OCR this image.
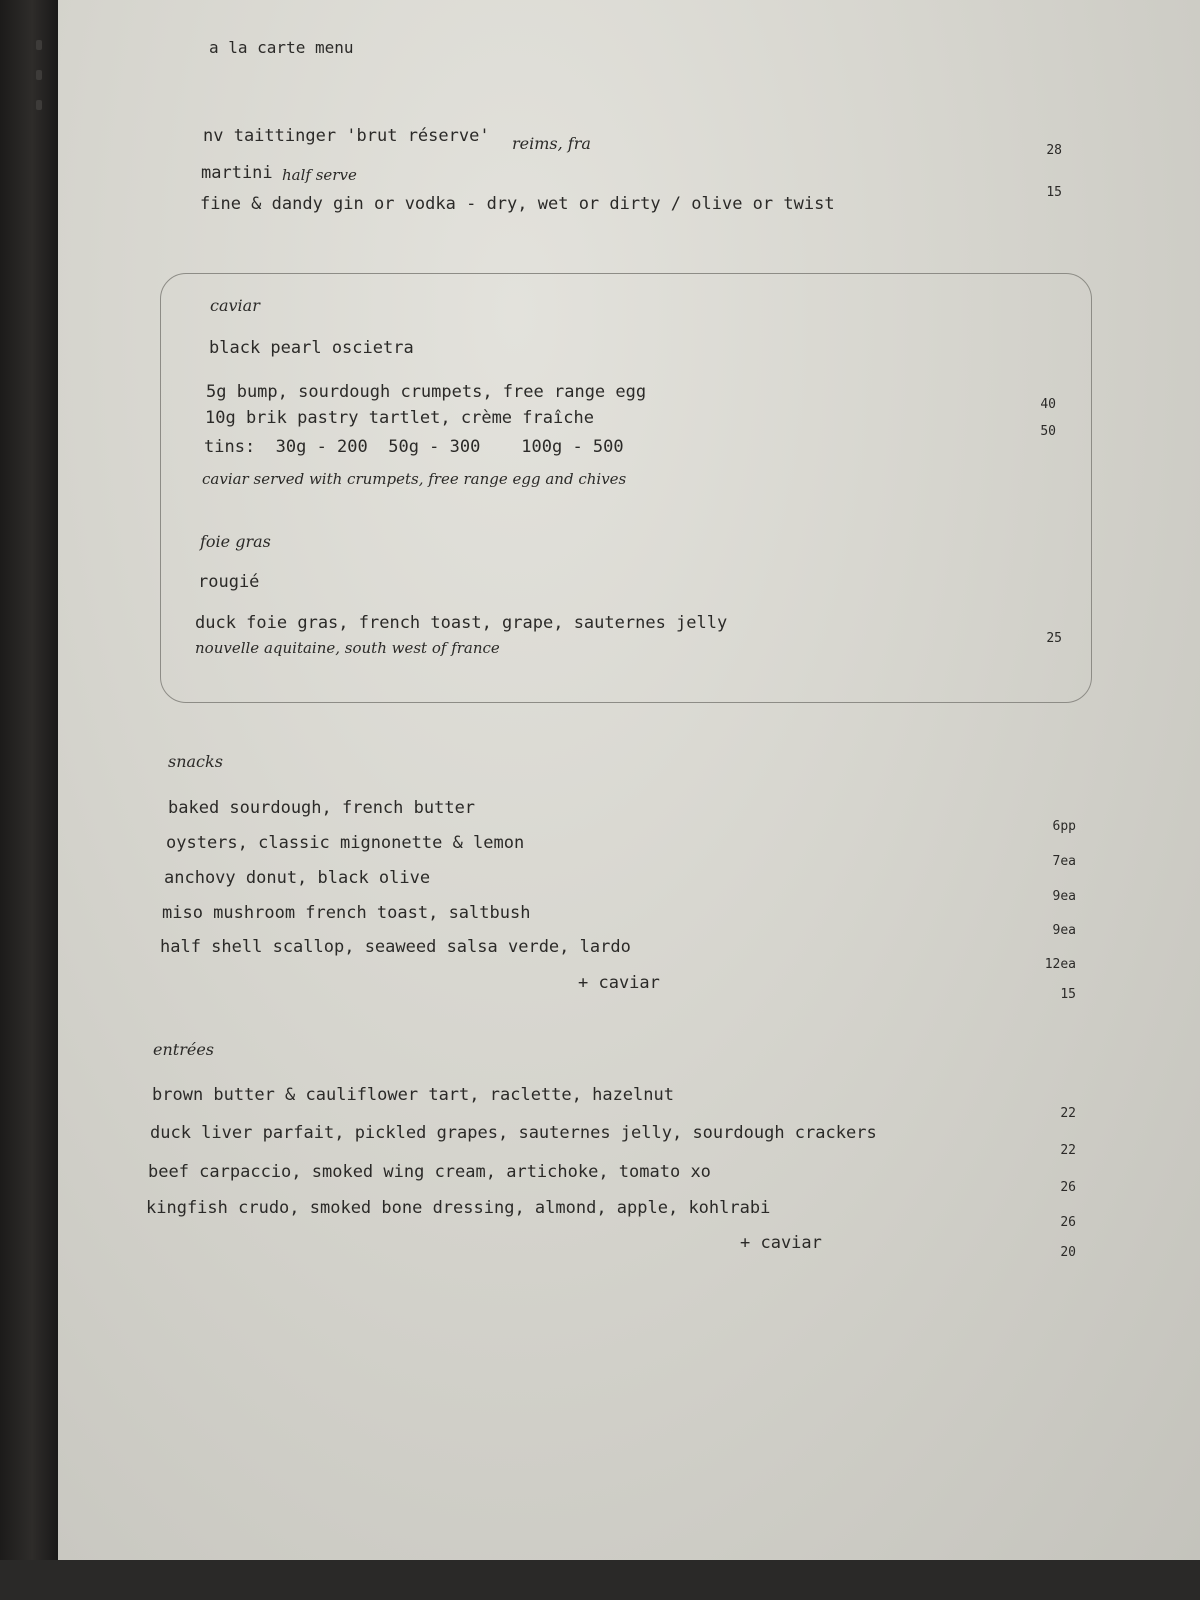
a la carte menu
nv taittinger 'brut réserve' reims, fra	28
martini half serve
fine & dandy gin or vodka - dry, wet or dirty / olive or twist
15
caviar
black pearl oscietra
5g bump, sourdough crumpets, free range egg
40
10g brik pastry tartlet, crème fraîche
50
tins:  30g - 200  50g - 300    100g - 500
caviar served with crumpets, free range egg and chives
foie gras
rougié
duck foie gras, french toast, grape, sauternes jelly
25
nouvelle aquitaine, south west of france
snacks
baked sourdough, french butter
6pp
oysters, classic mignonette & lemon
7ea
anchovy donut, black olive
9ea
miso mushroom french toast, saltbush
9ea
half shell scallop, seaweed salsa verde, lardo
12ea
+ caviar
15
entrées
brown butter & cauliflower tart, raclette, hazelnut
22
duck liver parfait, pickled grapes, sauternes jelly, sourdough crackers
22
beef carpaccio, smoked wing cream, artichoke, tomato xo
26
kingfish crudo, smoked bone dressing, almond, apple, kohlrabi
26
+ caviar	20
